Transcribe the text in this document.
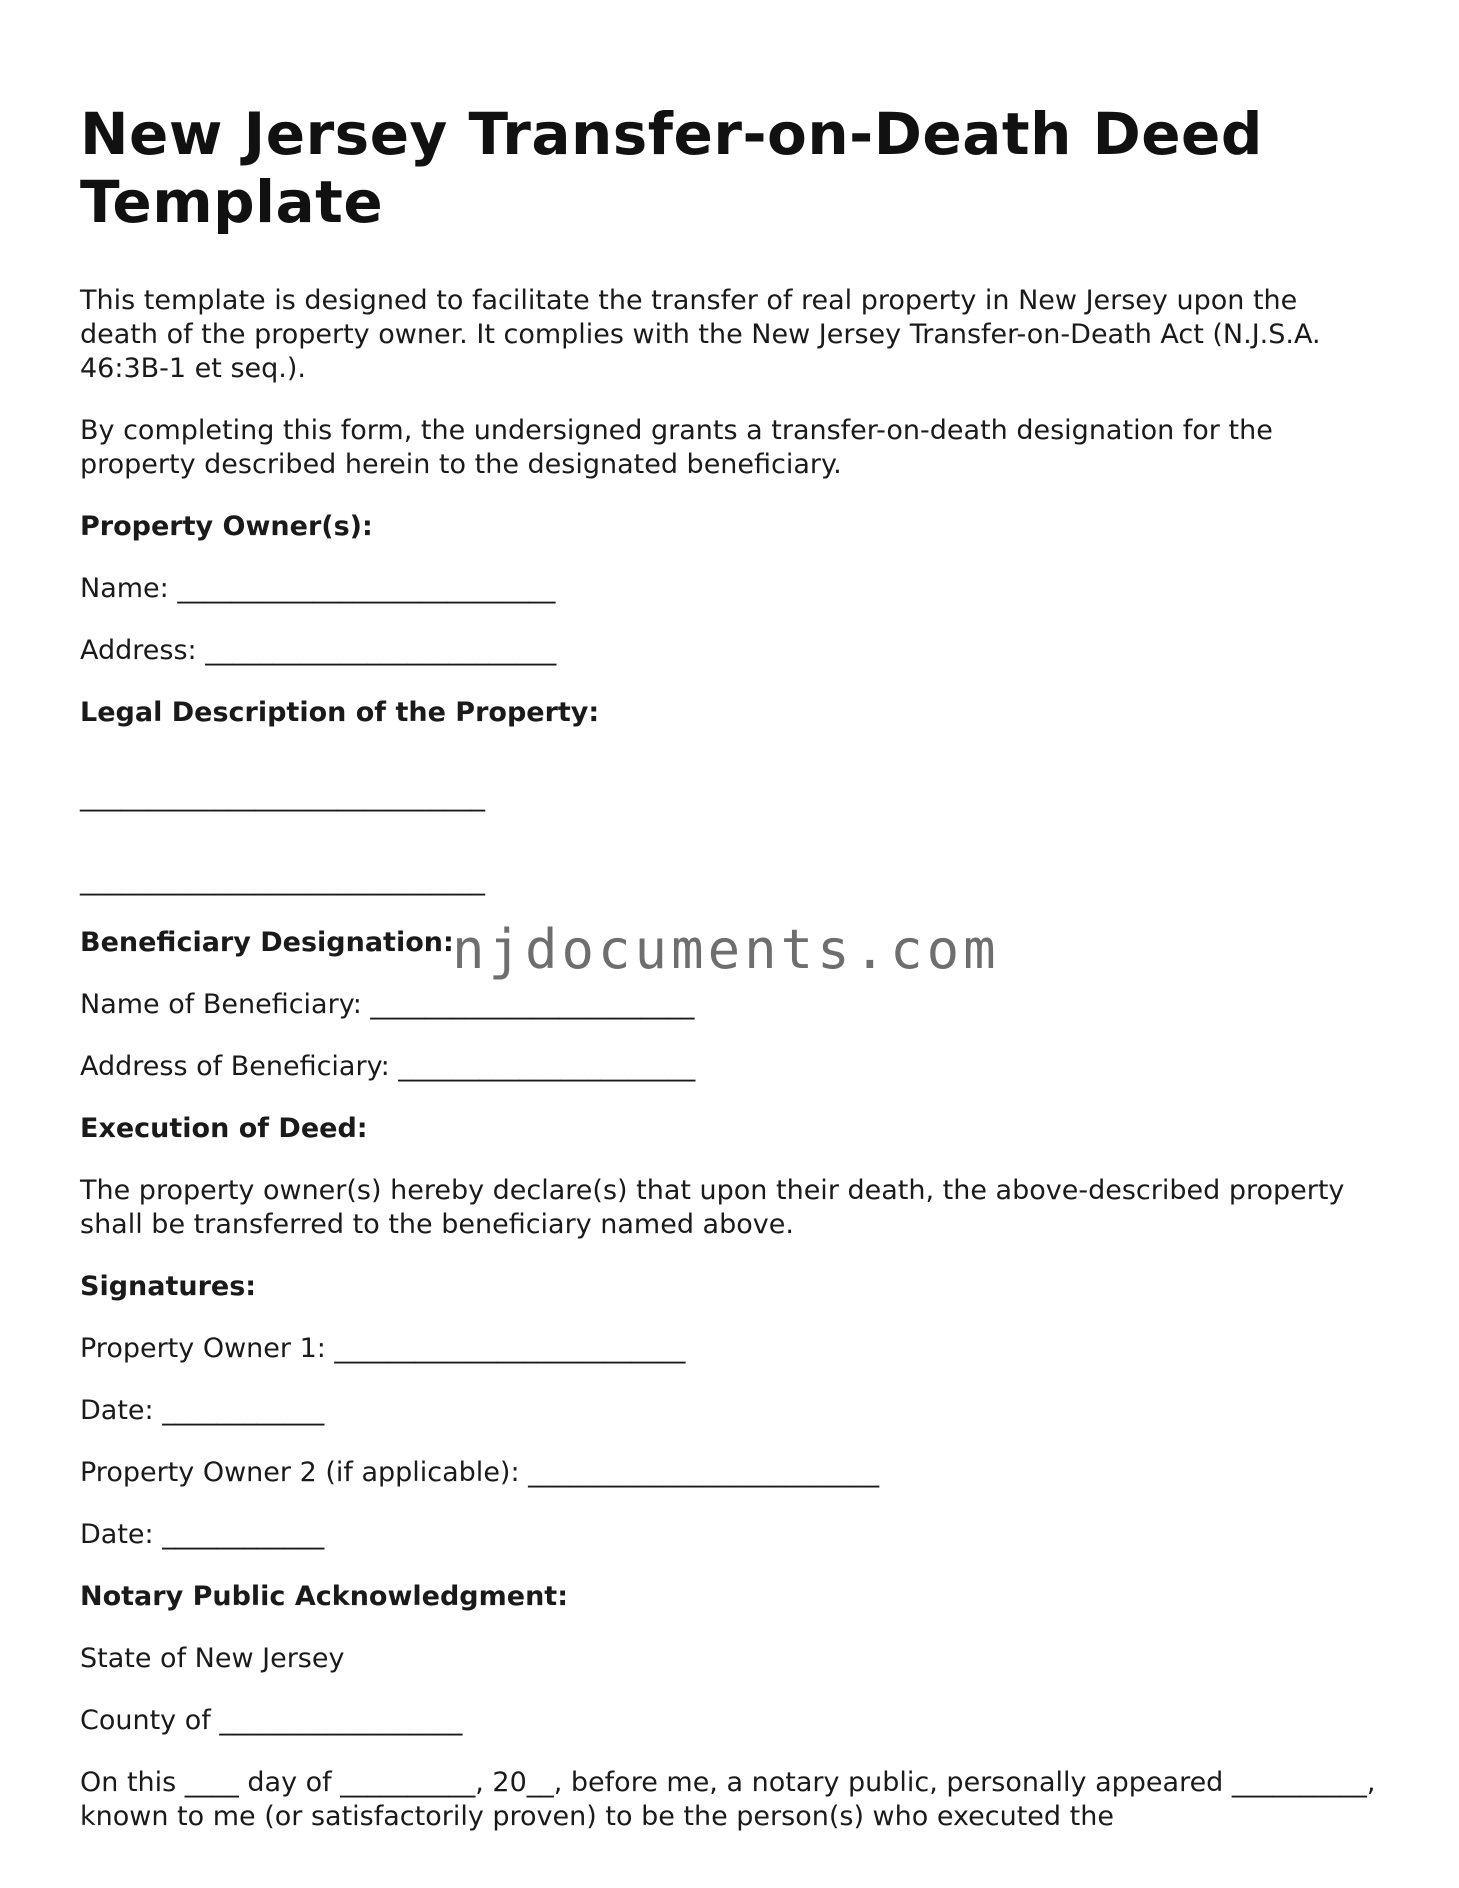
New Jersey Transfer-on-Death Deed Template

This template is designed to facilitate the transfer of real property in New Jersey upon the death of the property owner. It complies with the New Jersey Transfer-on-Death Act (N.J.S.A. 46:3B-1 et seq.).

By completing this form, the undersigned grants a transfer-on-death designation for the property described herein to the designated beneficiary.

Property Owner(s):

Name: ____________________________

Address: __________________________

Legal Description of the Property:

______________________________

______________________________

Beneficiary Designation:

Name of Beneficiary: ________________________

Address of Beneficiary: ______________________

Execution of Deed:

The property owner(s) hereby declare(s) that upon their death, the above-described property shall be transferred to the beneficiary named above.

Signatures:

Property Owner 1: __________________________

Date: ____________

Property Owner 2 (if applicable): __________________________

Date: ____________

Notary Public Acknowledgment:

State of New Jersey

County of __________________

On this ____ day of __________, 20__, before me, a notary public, personally appeared __________, known to me (or satisfactorily proven) to be the person(s) who executed the

njdocuments.com
